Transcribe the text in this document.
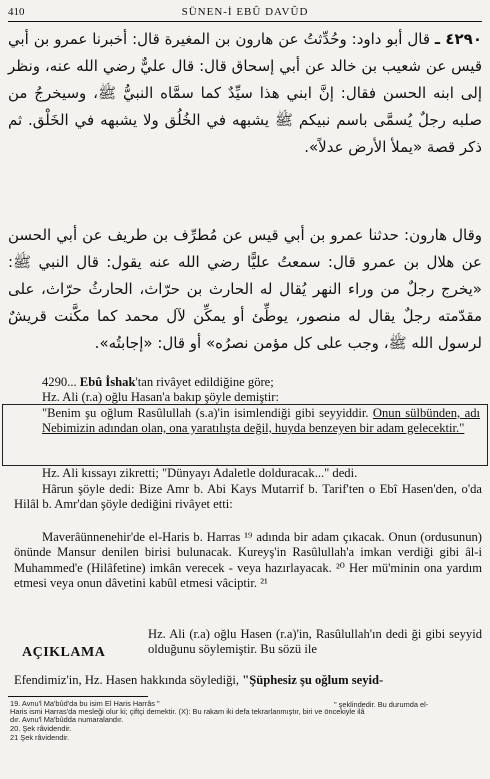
410	SÜNEN-İ EBÛ DAVÛD
٤٢٩٠ ـ قال أبو داود: وحُدِّثتُ عن هارون بن المغيرة قال: أخبرنا عمرو بن أبي قيس عن شعيب بن خالد عن أبي إسحاق قال: قال عليٌّ رضي الله عنه، ونظر إلى ابنه الحسن فقال: إنَّ ابني هذا سيِّدٌ كما سمَّاه النبيُّ ﷺ، وسيخرجُ من صلبه رجلٌ يُسمَّى باسم نبيكم ﷺ يشبهه في الخُلُق ولا يشبهه في الخَلْق. ثم ذكر قصة «يملأ الأرض عدلاً».
وقال هارون: حدثنا عمرو بن أبي قيس عن مُطرِّف بن طريف عن أبي الحسن عن هلال بن عمرو قال: سمعتُ عليًّا رضي الله عنه يقول: قال النبي ﷺ: «يخرج رجلٌ من وراء النهر يُقال له الحارث بن حرّاث، الحارثُ حرّاث، على مقدّمته رجلٌ يقال له منصور، يوطِّئ أو يمكِّن لآل محمد كما مكَّنت قريشٌ لرسول الله ﷺ، وجب على كل مؤمن نصرُه» أو قال: «إجابتُه».
4290... Ebû İshak'tan rivâyet edildiğine göre;
Hz. Ali (r.a) oğlu Hasan'a bakıp şöyle demiştir:
"Benim şu oğlum Rasûlullah (s.a)'in isimlendiği gibi seyyiddir. Onun sülbünden, adı Nebimizin adından olan, ona yaratılışta değil, huyda benzeyen bir adam gelecektir."
Hz. Ali kıssayı zikretti; "Dünyayı Adaletle dolduracak..." dedi.
Hârun şöyle dedi: Bize Amr b. Abi Kays Mutarrif b. Tarif'ten o Ebî Hasen'den, o'da Hilâl b. Amr'dan şöyle dediğini rivâyet etti:
Maverâünnenehir'de el-Haris b. Harras ¹⁹ adında bir adam çıkacak. Onun (ordusunun) önünde Mansur denilen birisi bulunacak. Kureyş'in Rasûlullah'a imkan verdiği gibi âl-i Muhammed'e (Hilâfetine) imkân verecek - veya hazırlayacak. ²⁰ Her mü'minin ona yardım etmesi veya onun dâvetini kabûl etmesi vâciptir. ²¹
AÇIKLAMA
Hz. Ali (r.a) oğlu Hasen (r.a)'in, Rasûlullah'ın dedi ği gibi seyyid olduğunu söylemiştir. Bu sözü ile
Efendimiz'in, Hz. Hasen hakkında söylediği, "Şüphesiz şu oğlum seyid-
19. Avnu'l Ma'bûd'da bu isim El Haris Harrâs "	" şeklindedir. Bu durumda el-
Haris ismi Harras'da mesleği olur ki; çiftçi demektir. (X): Bu rakam iki defa tekrarlanmıştır, biri ve öncekiyle ilâ
dır. Avnu'l Ma'bûdda numaralandır.
20. Şek râvidendir.
21 Şek râvidendir.
